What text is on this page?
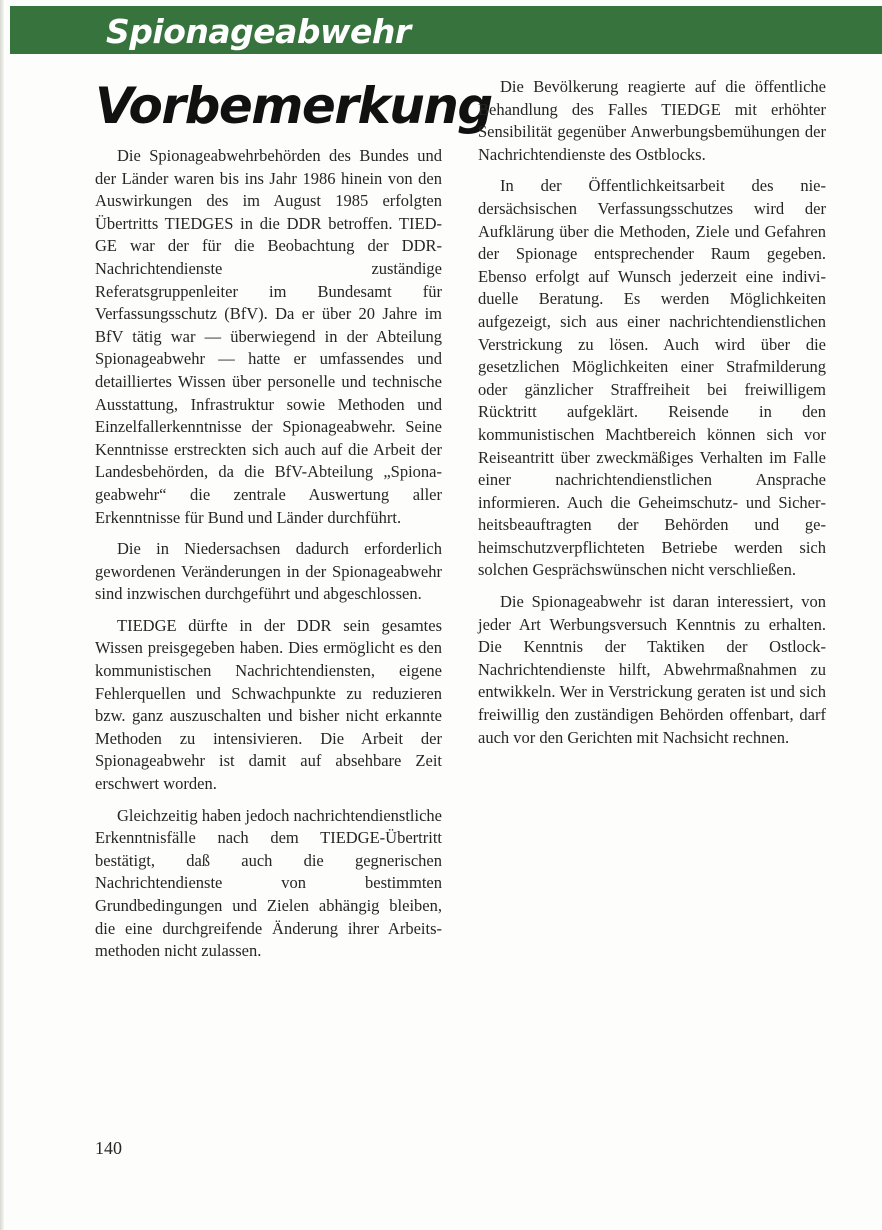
Spionageabwehr
Vorbemerkung

Die Spionageabwehrbehörden des Bundes und der Länder waren bis ins Jahr 1986 hinein von den Auswirkungen des im August 1985 erfolgten Übertritts TIEDGES in die DDR betroffen. TIEDGE war der für die Beobachtung der DDR-Nachrichtendienste zuständige Referatsgruppenleiter im Bundesamt für Verfassungsschutz (BfV). Da er über 20 Jahre im BfV tätig war — überwiegend in der Abteilung Spionageabwehr — hatte er umfassendes und detailliertes Wissen über personelle und technische Ausstattung, Infrastruktur sowie Methoden und Einzelfallerkenntnisse der Spionageabwehr. Seine Kenntnisse erstreckten sich auch auf die Arbeit der Landesbehörden, da die BfV-Abteilung „Spionageabwehr“ die zentrale Auswertung aller Erkenntnisse für Bund und Länder durchführt.

Die in Niedersachsen dadurch erforderlich gewordenen Veränderungen in der Spionageabwehr sind inzwischen durchgeführt und abgeschlossen.

TIEDGE dürfte in der DDR sein gesamtes Wissen preisgegeben haben. Dies ermöglicht es den kommunistischen Nachrichtendiensten, eigene Fehlerquellen und Schwachpunkte zu reduzieren bzw. ganz auszuschalten und bisher nicht erkannte Methoden zu intensivieren. Die Arbeit der Spionageabwehr ist damit auf absehbare Zeit erschwert worden.

Gleichzeitig haben jedoch nachrichtendienstliche Erkenntnisfälle nach dem TIEDGE-Übertritt bestätigt, daß auch die gegnerischen Nachrichtendienste von bestimmten Grundbedingungen und Zielen abhängig bleiben, die eine durchgreifende Änderung ihrer Arbeitsmethoden nicht zulassen.

Die Bevölkerung reagierte auf die öffentliche Behandlung des Falles TIEDGE mit erhöhter Sensibilität gegenüber Anwerbungsbemühungen der Nachrichtendienste des Ostblocks.

In der Öffentlichkeitsarbeit des niedersächsischen Verfassungsschutzes wird der Aufklärung über die Methoden, Ziele und Gefahren der Spionage entsprechender Raum gegeben. Ebenso erfolgt auf Wunsch jederzeit eine individuelle Beratung. Es werden Möglichkeiten aufgezeigt, sich aus einer nachrichtendienstlichen Verstrickung zu lösen. Auch wird über die gesetzlichen Möglichkeiten einer Strafmilderung oder gänzlicher Straffreiheit bei freiwilligem Rücktritt aufgeklärt. Reisende in den kommunistischen Machtbereich können sich vor Reiseantritt über zweckmäßiges Verhalten im Falle einer nachrichtendienstlichen Ansprache informieren. Auch die Geheimschutz- und Sicherheitsbeauftragten der Behörden und geheimschutzverpflichteten Betriebe werden sich solchen Gesprächswünschen nicht verschließen.

Die Spionageabwehr ist daran interessiert, von jeder Art Werbungsversuch Kenntnis zu erhalten. Die Kenntnis der Taktiken der Ostlock-Nachrichtendienste hilft, Abwehrmaßnahmen zu entwikkeln. Wer in Verstrickung geraten ist und sich freiwillig den zuständigen Behörden offenbart, darf auch vor den Gerichten mit Nachsicht rechnen.

140
